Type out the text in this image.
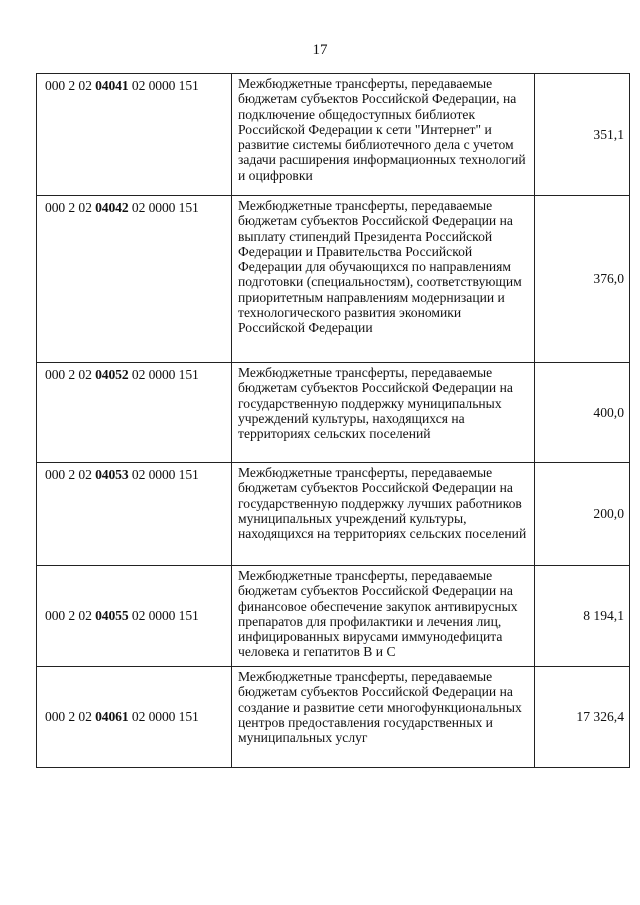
17
000 2 02 04041 02 0000 151	Межбюджетные трансферты, передаваемые бюджетам субъектов Российской Федерации, на подключение общедоступных библиотек Российской Федерации к сети "Интернет" и развитие системы библиотечного дела с учетом задачи расширения информационных технологий и оцифровки	351,1
000 2 02 04042 02 0000 151	Межбюджетные трансферты, передаваемые бюджетам субъектов Российской Федерации на выплату стипендий Президента Российской Федерации и Правительства Российской Федерации для обучающихся по направлениям подготовки (специальностям), соответствующим приоритетным направлениям модернизации и технологического развития экономики Российской Федерации	376,0
000 2 02 04052 02 0000 151	Межбюджетные трансферты, передаваемые бюджетам субъектов Российской Федерации на государственную поддержку муниципальных учреждений культуры, находящихся на территориях сельских поселений	400,0
000 2 02 04053 02 0000 151	Межбюджетные трансферты, передаваемые бюджетам субъектов Российской Федерации на государственную поддержку лучших работников муниципальных учреждений культуры, находящихся на территориях сельских поселений	200,0
000 2 02 04055 02 0000 151	Межбюджетные трансферты, передаваемые бюджетам субъектов Российской Федерации на финансовое обеспечение закупок антивирусных препаратов для профилактики и лечения лиц, инфицированных вирусами иммунодефицита человека и гепатитов В и С	8 194,1
000 2 02 04061 02 0000 151	Межбюджетные трансферты, передаваемые бюджетам субъектов Российской Федерации на создание и развитие сети многофункциональных центров предоставления государственных и муниципальных услуг	17 326,4
